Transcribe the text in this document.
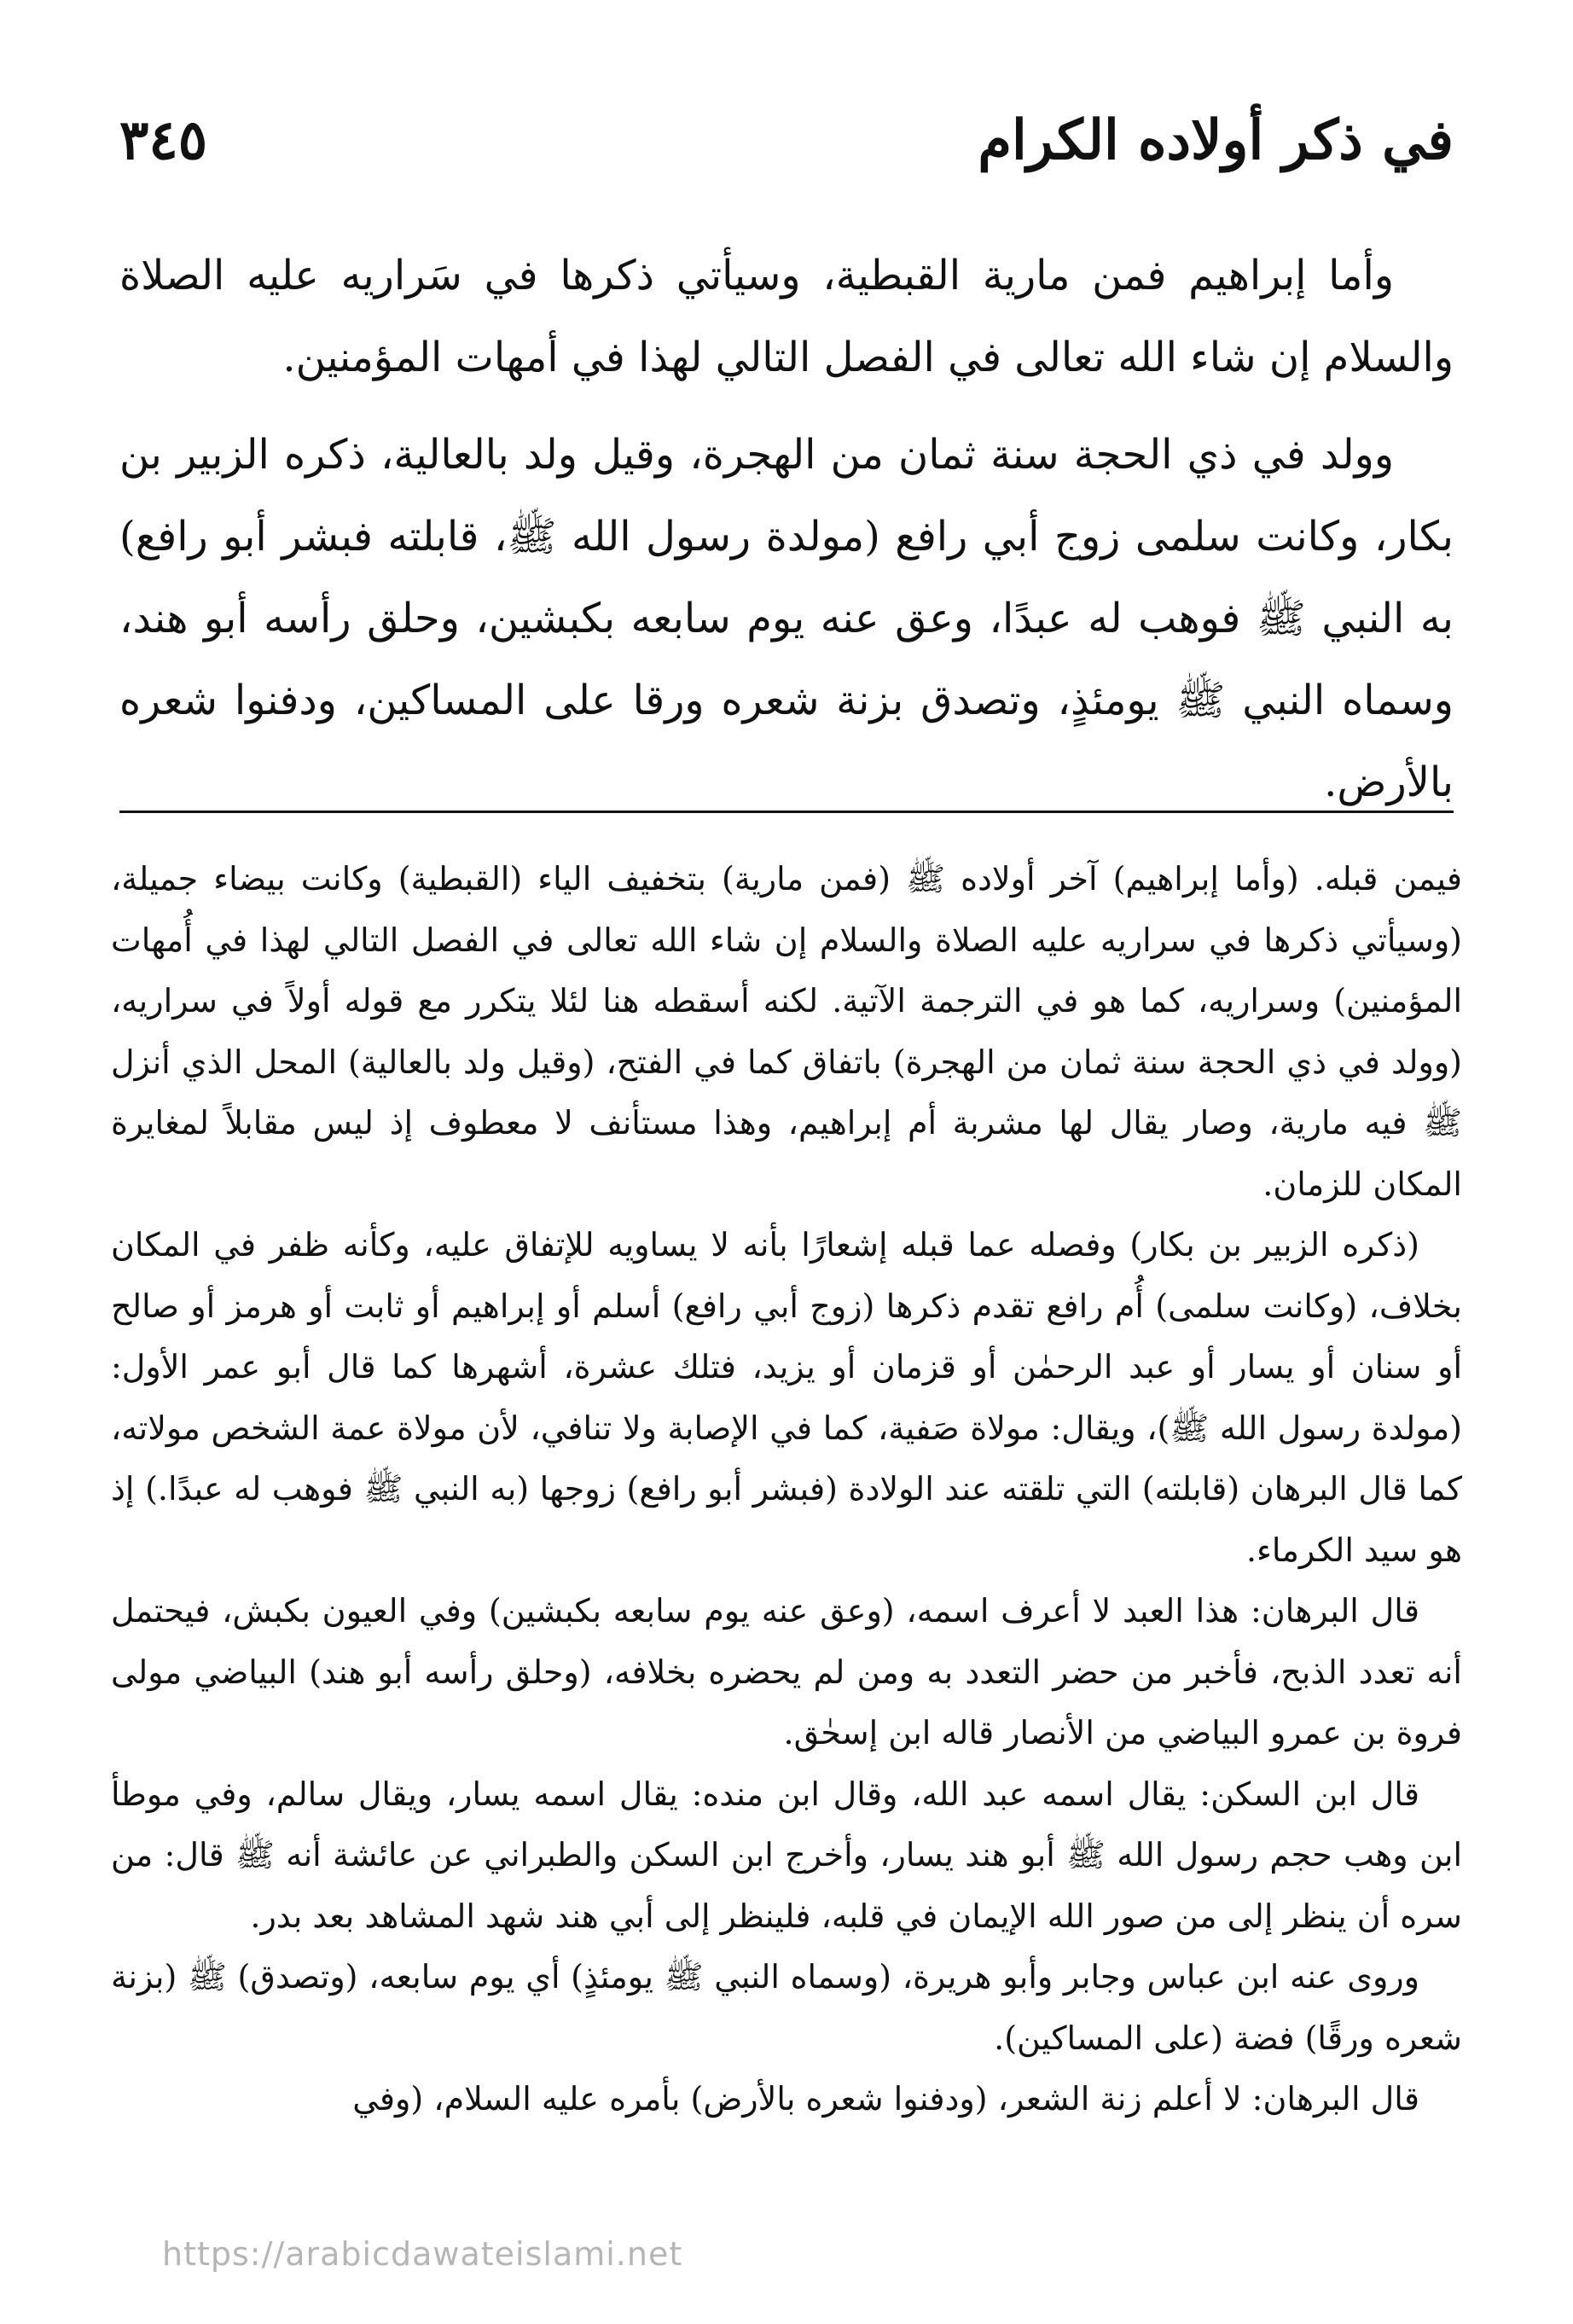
في ذكر أولاده الكرام
٣٤٥

وأما إبراهيم فمن مارية القبطية، وسيأتي ذكرها في سَراريه عليه الصلاة والسلام إن شاء الله تعالى في الفصل التالي لهذا في أمهات المؤمنين.

وولد في ذي الحجة سنة ثمان من الهجرة، وقيل ولد بالعالية، ذكره الزبير بن بكار، وكانت سلمى زوج أبي رافع (مولدة رسول الله ﷺ، قابلته فبشر أبو رافع) به النبي ﷺ فوهب له عبدًا، وعق عنه يوم سابعه بكبشين، وحلق رأسه أبو هند، وسماه النبي ﷺ يومئذٍ، وتصدق بزنة شعره ورقا على المساكين، ودفنوا شعره بالأرض.

فيمن قبله. (وأما إبراهيم) آخر أولاده ﷺ (فمن مارية) بتخفيف الياء (القبطية) وكانت بيضاء جميلة، (وسيأتي ذكرها في سراريه عليه الصلاة والسلام إن شاء الله تعالى في الفصل التالي لهذا في أُمهات المؤمنين) وسراريه، كما هو في الترجمة الآتية. لكنه أسقطه هنا لئلا يتكرر مع قوله أولاً في سراريه، (وولد في ذي الحجة سنة ثمان من الهجرة) باتفاق كما في الفتح، (وقيل ولد بالعالية) المحل الذي أنزل ﷺ فيه مارية، وصار يقال لها مشربة أم إبراهيم، وهذا مستأنف لا معطوف إذ ليس مقابلاً لمغايرة المكان للزمان.

(ذكره الزبير بن بكار) وفصله عما قبله إشعارًا بأنه لا يساويه للإتفاق عليه، وكأنه ظفر في المكان بخلاف، (وكانت سلمى) أُم رافع تقدم ذكرها (زوج أبي رافع) أسلم أو إبراهيم أو ثابت أو هرمز أو صالح أو سنان أو يسار أو عبد الرحمٰن أو قزمان أو يزيد، فتلك عشرة، أشهرها كما قال أبو عمر الأول: (مولدة رسول الله ﷺ)، ويقال: مولاة صَفية، كما في الإصابة ولا تنافي، لأن مولاة عمة الشخص مولاته، كما قال البرهان (قابلته) التي تلقته عند الولادة (فبشر أبو رافع) زوجها (به النبي ﷺ فوهب له عبدًا.) إذ هو سيد الكرماء.

قال البرهان: هذا العبد لا أعرف اسمه، (وعق عنه يوم سابعه بكبشين) وفي العيون بكبش، فيحتمل أنه تعدد الذبح، فأخبر من حضر التعدد به ومن لم يحضره بخلافه، (وحلق رأسه أبو هند) البياضي مولى فروة بن عمرو البياضي من الأنصار قاله ابن إسحٰق.

قال ابن السكن: يقال اسمه عبد الله، وقال ابن منده: يقال اسمه يسار، ويقال سالم، وفي موطأ ابن وهب حجم رسول الله ﷺ أبو هند يسار، وأخرج ابن السكن والطبراني عن عائشة أنه ﷺ قال: من سره أن ينظر إلى من صور الله الإيمان في قلبه، فلينظر إلى أبي هند شهد المشاهد بعد بدر.

وروى عنه ابن عباس وجابر وأبو هريرة، (وسماه النبي ﷺ يومئذٍ) أي يوم سابعه، (وتصدق) ﷺ (بزنة شعره ورقًا) فضة (على المساكين).

قال البرهان: لا أعلم زنة الشعر، (ودفنوا شعره بالأرض) بأمره عليه السلام، (وفي

https://arabicdawateislami.net
